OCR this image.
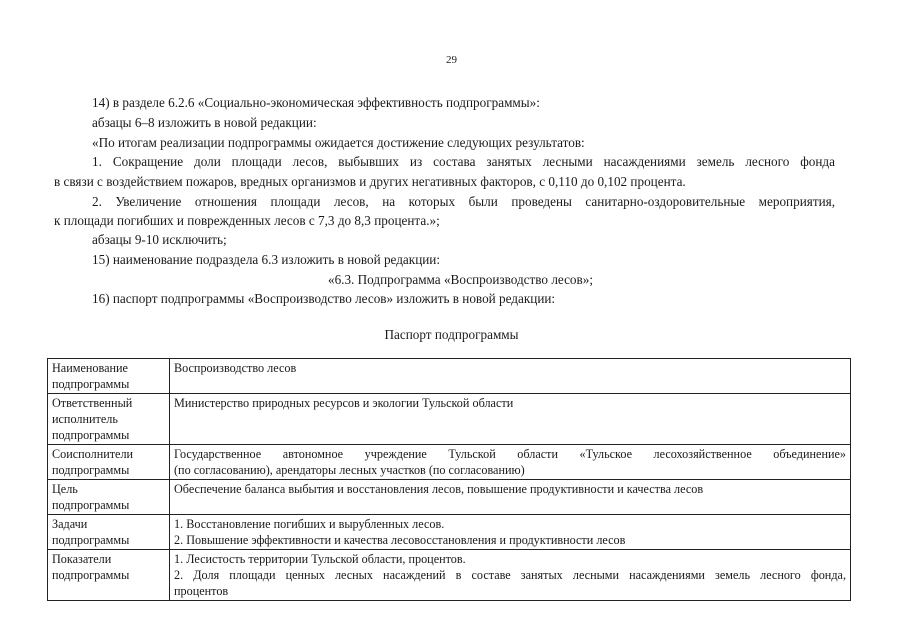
29
14) в разделе 6.2.6 «Социально-экономическая эффективность подпрограммы»:
абзацы 6–8 изложить в новой редакции:
«По итогам реализации подпрограммы ожидается достижение следующих результатов:
1. Сокращение доли площади лесов, выбывших из состава занятых лесными насаждениями земель лесного фонда
в связи с воздействием пожаров, вредных организмов и других негативных факторов, с 0,110 до 0,102 процента.
2. Увеличение отношения площади лесов, на которых были проведены санитарно-оздоровительные мероприятия,
к площади погибших и поврежденных лесов с 7,3 до 8,3 процента.»;
абзацы 9-10 исключить;
15) наименование подраздела 6.3 изложить в новой редакции:
«6.3. Подпрограмма «Воспроизводство лесов»;
16) паспорт подпрограммы «Воспроизводство лесов» изложить в новой редакции:
Паспорт подпрограммы
Наименование
подпрограммы	Воспроизводство лесов

Ответственный
исполнитель
подпрограммы	Министерство природных ресурсов и экологии Тульской области

Соисполнители
подпрограммы	Государственное автономное учреждение Тульской области «Тульское лесохозяйственное объединение»
(по согласованию), арендаторы лесных участков (по согласованию)

Цель
подпрограммы	Обеспечение баланса выбытия и восстановления лесов, повышение продуктивности и качества лесов

Задачи
подпрограммы	1. Восстановление погибших и вырубленных лесов.
2. Повышение эффективности и качества лесовосстановления и продуктивности лесов

Показатели
подпрограммы	1. Лесистость территории Тульской области, процентов.
2. Доля площади ценных лесных насаждений в составе занятых лесными насаждениями земель лесного фонда,
процентов
